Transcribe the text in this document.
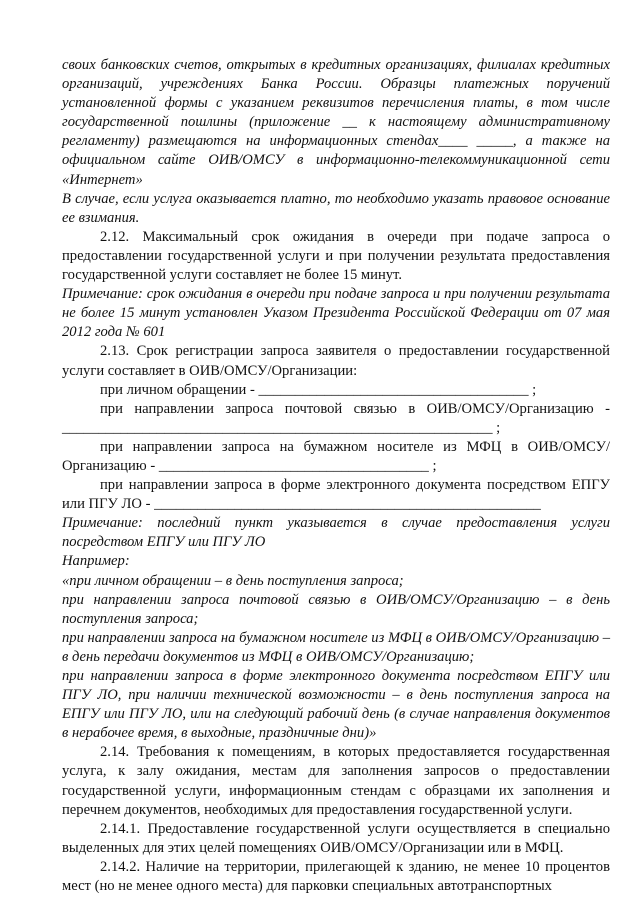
своих банковских счетов, открытых в кредитных организациях, филиалах кредитных организаций, учреждениях Банка России. Образцы платежных поручений установленной формы с указанием реквизитов перечисления платы, в том числе государственной пошлины (приложение __ к настоящему административному регламенту) размещаются на информационных стендах____ _____, а также на официальном сайте ОИВ/ОМСУ в информационно-телекоммуникационной сети «Интернет»

В случае, если услуга оказывается платно, то необходимо указать правовое основание ее взимания.

2.12. Максимальный срок ожидания в очереди при подаче запроса о предоставлении государственной услуги и при получении результата предоставления государственной услуги составляет не более 15 минут.

Примечание: срок ожидания в очереди при подаче запроса и при получении результата не более 15 минут установлен Указом Президента Российской Федерации от 07 мая 2012 года № 601

2.13. Срок регистрации запроса заявителя о предоставлении государственной услуги составляет в ОИВ/ОМСУ/Организации:

при личном обращении - _____________________________________ ;

при направлении запроса почтовой связью в ОИВ/ОМСУ/Организацию - ___________________________________________________________ ;

при направлении запроса на бумажном носителе из МФЦ в ОИВ/ОМСУ/Организацию - _____________________________________ ;

при направлении запроса в форме электронного документа посредством ЕПГУ или ПГУ ЛО - _____________________________________________________

Примечание: последний пункт указывается в случае предоставления услуги посредством ЕПГУ или ПГУ ЛО

Например:

«при личном обращении – в день поступления запроса;

при направлении запроса почтовой связью в ОИВ/ОМСУ/Организацию – в день поступления запроса;

при направлении запроса на бумажном носителе из МФЦ в ОИВ/ОМСУ/Организацию – в день передачи документов из МФЦ в ОИВ/ОМСУ/Организацию;

при направлении запроса в форме электронного документа посредством ЕПГУ или ПГУ ЛО, при наличии технической возможности – в день поступления запроса на ЕПГУ или ПГУ ЛО, или на следующий рабочий день (в случае направления документов в нерабочее время, в выходные, праздничные дни)»

2.14. Требования к помещениям, в которых предоставляется государственная услуга, к залу ожидания, местам для заполнения запросов о предоставлении государственной услуги, информационным стендам с образцами их заполнения и перечнем документов, необходимых для предоставления государственной услуги.

2.14.1. Предоставление государственной услуги осуществляется в специально выделенных для этих целей помещениях ОИВ/ОМСУ/Организации или в МФЦ.

2.14.2. Наличие на территории, прилегающей к зданию, не менее 10 процентов мест (но не менее одного места) для парковки специальных автотранспортных
